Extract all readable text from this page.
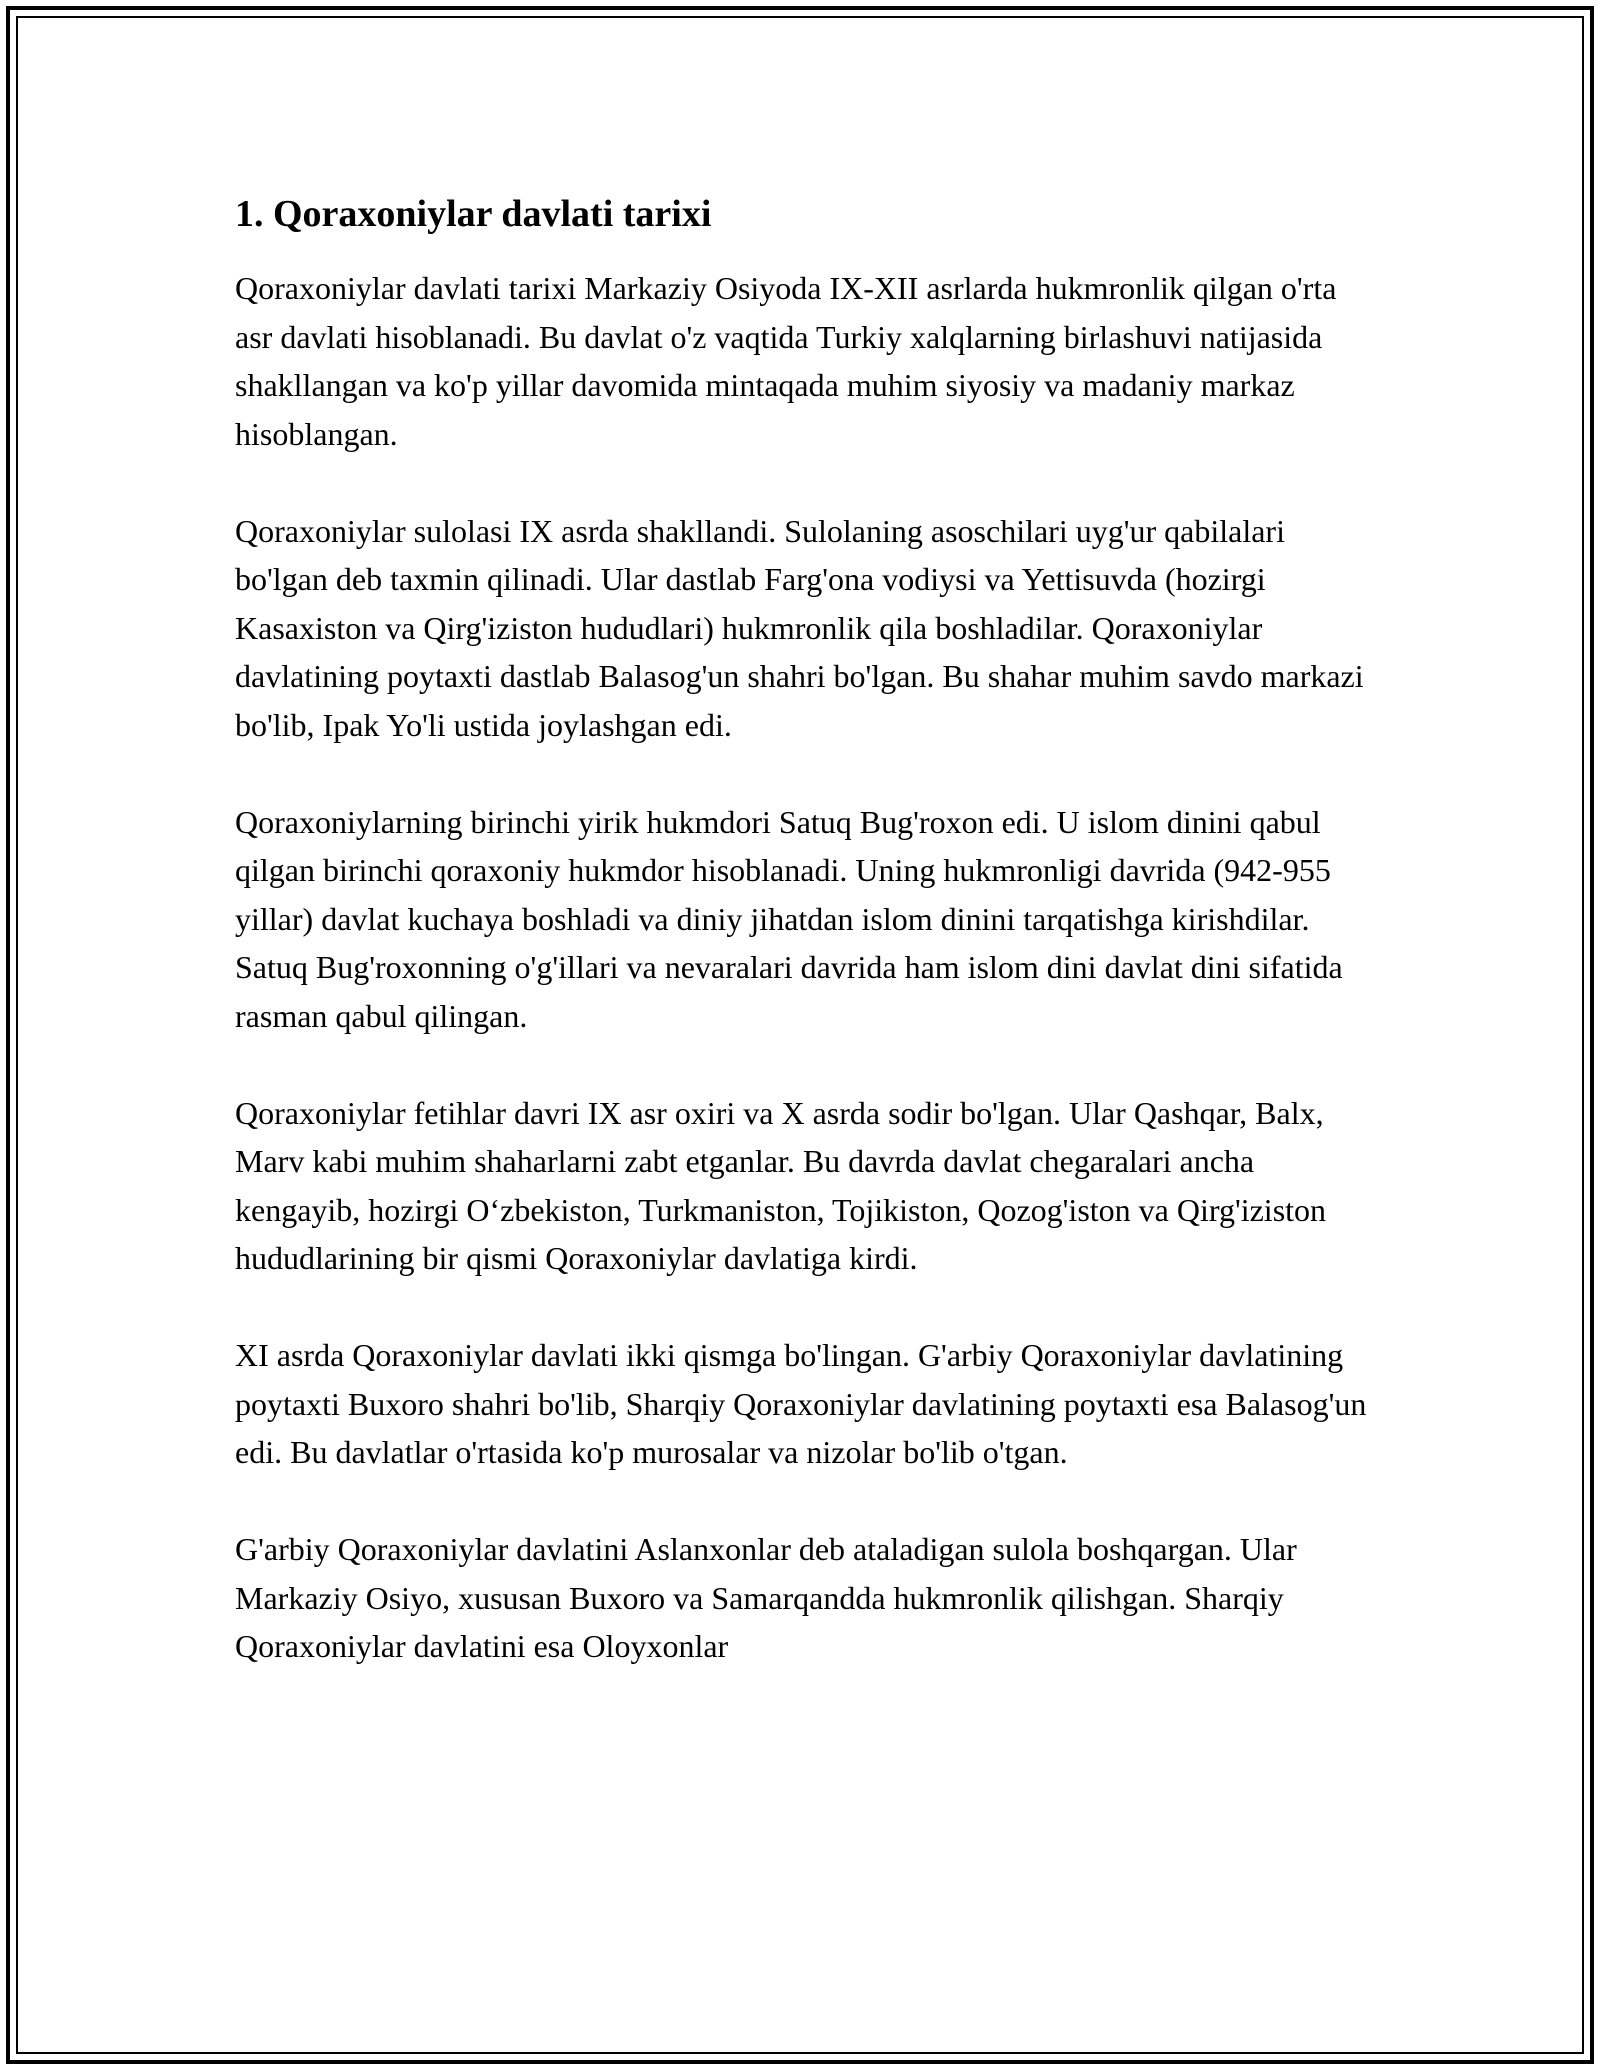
1. Qoraxoniylar davlati tarixi

Qoraxoniylar davlati tarixi Markaziy Osiyoda IX-XII asrlarda hukmronlik qilgan o'rta asr davlati hisoblanadi. Bu davlat o'z vaqtida Turkiy xalqlarning birlashuvi natijasida shakllangan va ko'p yillar davomida mintaqada muhim siyosiy va madaniy markaz hisoblangan.

Qoraxoniylar sulolasi IX asrda shakllandi. Sulolaning asoschilari uyg'ur qabilalari bo'lgan deb taxmin qilinadi. Ular dastlab Farg'ona vodiysi va Yettisuvda (hozirgi Kasaxiston va Qirg'iziston hududlari) hukmronlik qila boshladilar. Qoraxoniylar davlatining poytaxti dastlab Balasog'un shahri bo'lgan. Bu shahar muhim savdo markazi bo'lib, Ipak Yo'li ustida joylashgan edi.

Qoraxoniylarning birinchi yirik hukmdori Satuq Bug'roxon edi. U islom dinini qabul qilgan birinchi qoraxoniy hukmdor hisoblanadi. Uning hukmronligi davrida (942-955 yillar) davlat kuchaya boshladi va diniy jihatdan islom dinini tarqatishga kirishdilar. Satuq Bug'roxonning o'g'illari va nevaralari davrida ham islom dini davlat dini sifatida rasman qabul qilingan.

Qoraxoniylar fetihlar davri IX asr oxiri va X asrda sodir bo'lgan. Ular Qashqar, Balx, Marv kabi muhim shaharlarni zabt etganlar. Bu davrda davlat chegaralari ancha kengayib, hozirgi O‘zbekiston, Turkmaniston, Tojikiston, Qozog'iston va Qirg'iziston hududlarining bir qismi Qoraxoniylar davlatiga kirdi.

XI asrda Qoraxoniylar davlati ikki qismga bo'lingan. G'arbiy Qoraxoniylar davlatining poytaxti Buxoro shahri bo'lib, Sharqiy Qoraxoniylar davlatining poytaxti esa Balasog'un edi. Bu davlatlar o'rtasida ko'p murosalar va nizolar bo'lib o'tgan.

G'arbiy Qoraxoniylar davlatini Aslanxonlar deb ataladigan sulola boshqargan. Ular Markaziy Osiyo, xususan Buxoro va Samarqandda hukmronlik qilishgan. Sharqiy Qoraxoniylar davlatini esa Oloyxonlar
